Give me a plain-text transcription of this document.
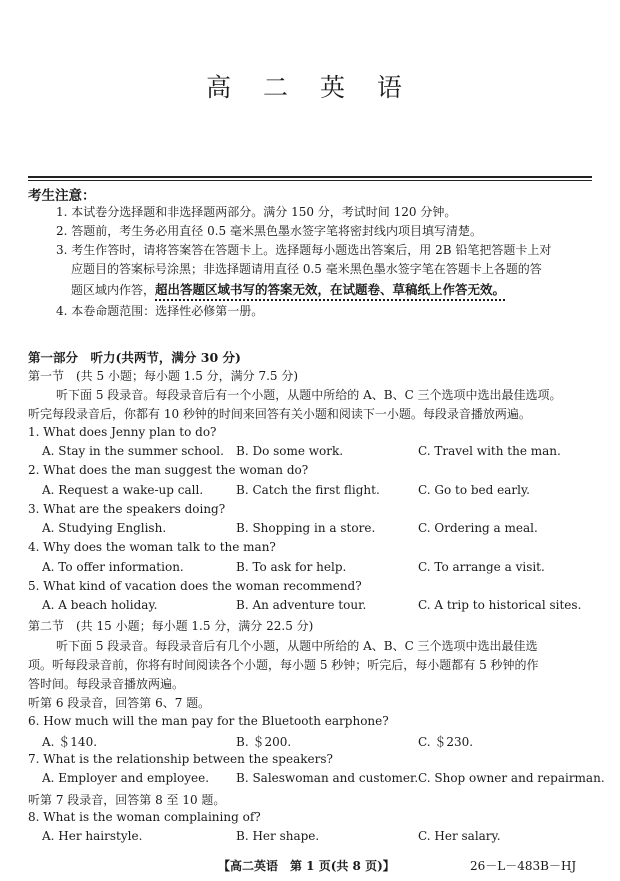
高 二 英 语
考生注意：
1. 本试卷分选择题和非选择题两部分。满分 150 分，考试时间 120 分钟。
2. 答题前，考生务必用直径 0.5 毫米黑色墨水签字笔将密封线内项目填写清楚。
3. 考生作答时，请将答案答在答题卡上。选择题每小题选出答案后，用 2B 铅笔把答题卡上对
应题目的答案标号涂黑；非选择题请用直径 0.5 毫米黑色墨水签字笔在答题卡上各题的答
题区域内作答，超出答题区域书写的答案无效，在试题卷、草稿纸上作答无效。
4. 本卷命题范围：选择性必修第一册。
第一部分　听力(共两节，满分 30 分)
第一节　(共 5 小题；每小题 1.5 分，满分 7.5 分)
听下面 5 段录音。每段录音后有一个小题，从题中所给的 A、B、C 三个选项中选出最佳选项。
听完每段录音后，你都有 10 秒钟的时间来回答有关小题和阅读下一小题。每段录音播放两遍。
1. What does Jenny plan to do?
A. Stay in the summer school. B. Do some work.	C. Travel with the man.
2. What does the man suggest the woman do?
A. Request a wake-up call.	B. Catch the first flight.	C. Go to bed early.
3. What are the speakers doing?
A. Studying English.	B. Shopping in a store.	C. Ordering a meal.
4. Why does the woman talk to the man?
A. To offer information.	B. To ask for help.	C. To arrange a visit.
5. What kind of vacation does the woman recommend?
A. A beach holiday.	B. An adventure tour.	C. A trip to historical sites.
第二节　(共 15 小题；每小题 1.5 分，满分 22.5 分)
听下面 5 段录音。每段录音后有几个小题，从题中所给的 A、B、C 三个选项中选出最佳选
项。听每段录音前，你将有时间阅读各个小题，每小题 5 秒钟；听完后，每小题都有 5 秒钟的作
答时间。每段录音播放两遍。
听第 6 段录音，回答第 6、7 题。
6. How much will the man pay for the Bluetooth earphone?
A. ＄140.	B. ＄200.	C. ＄230.
7. What is the relationship between the speakers?
A. Employer and employee. B. Saleswoman and customer. C. Shop owner and repairman.
听第 7 段录音，回答第 8 至 10 题。
8. What is the woman complaining of?
A. Her hairstyle.	B. Her shape.	C. Her salary.
【高二英语　第 1 页(共 8 页)】	26－L－483B－HJ
